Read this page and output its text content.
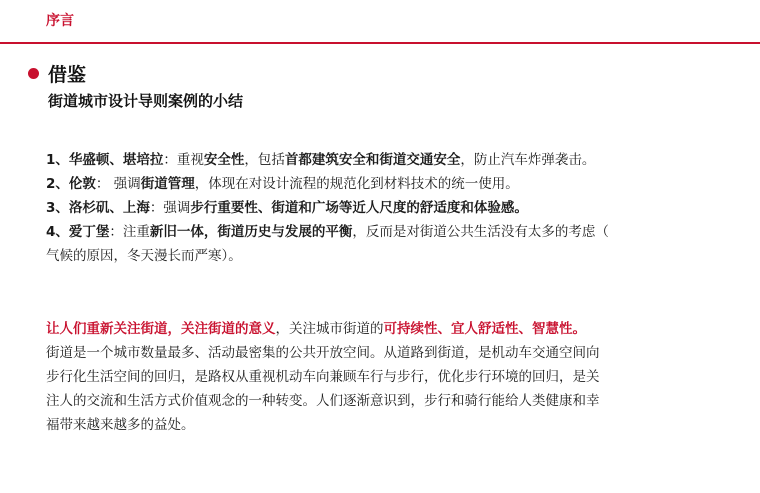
序言
借鉴
街道城市设计导则案例的小结
1、华盛顿、堪培拉：重视安全性，包括首都建筑安全和街道交通安全，防止汽车炸弹袭击。
2、伦敦： 强调街道管理，体现在对设计流程的规范化到材料技术的统一使用。
3、洛杉矶、上海：强调步行重要性、街道和广场等近人尺度的舒适度和体验感。
4、爱丁堡：注重新旧一体，街道历史与发展的平衡，反而是对街道公共生活没有太多的考虑（
气候的原因，冬天漫长而严寒）。
让人们重新关注街道，关注街道的意义，关注城市街道的可持续性、宜人舒适性、智慧性。
街道是一个城市数量最多、活动最密集的公共开放空间。从道路到街道，是机动车交通空间向
步行化生活空间的回归，是路权从重视机动车向兼顾车行与步行，优化步行环境的回归，是关
注人的交流和生活方式价值观念的一种转变。人们逐渐意识到，步行和骑行能给人类健康和幸
福带来越来越多的益处。
